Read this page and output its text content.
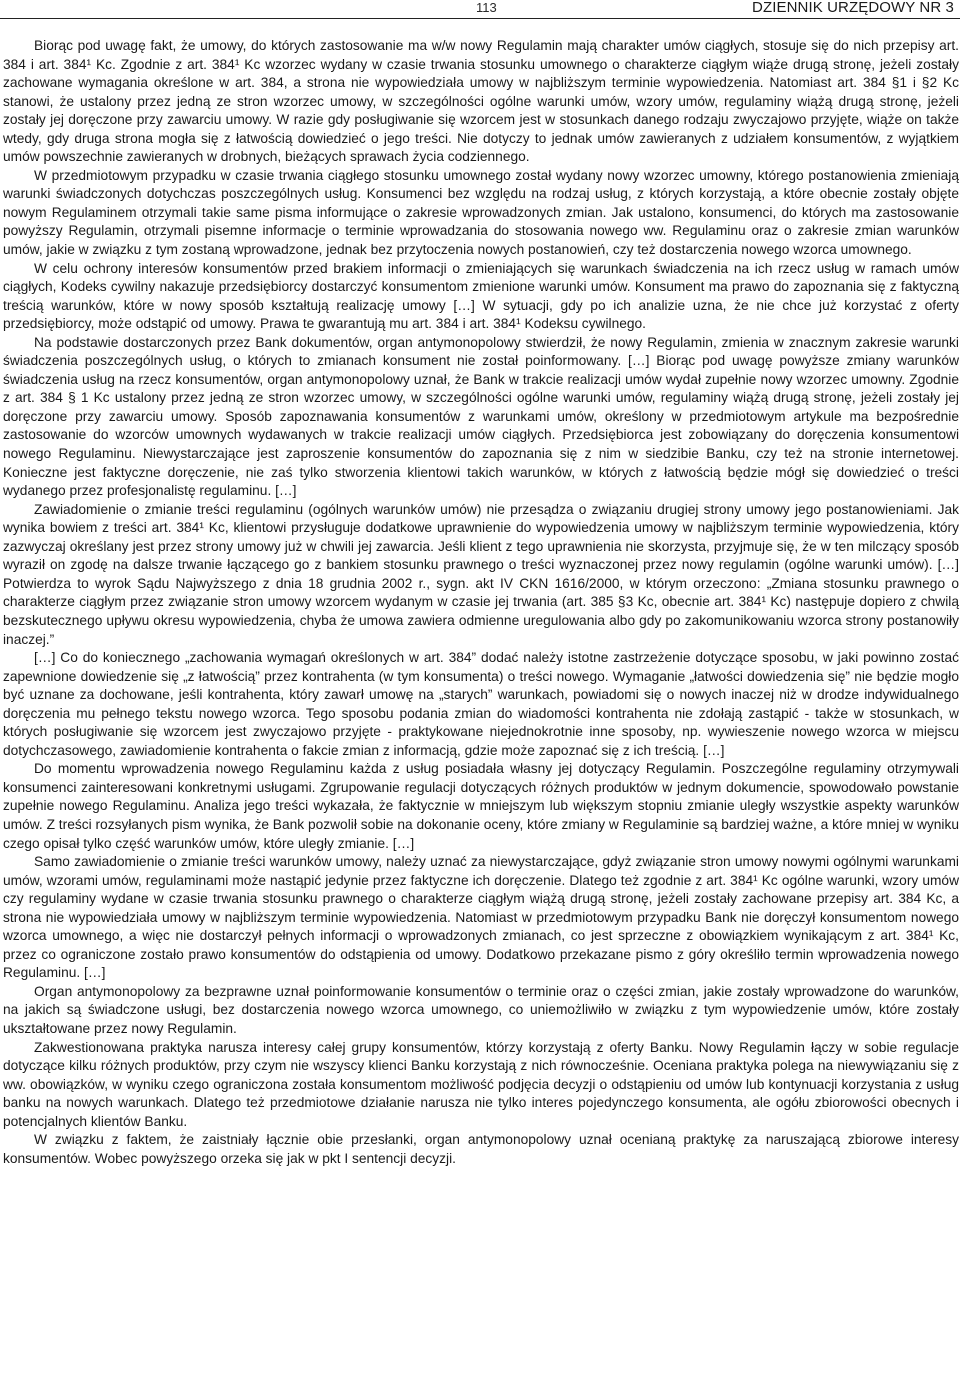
113	DZIENNIK URZĘDOWY NR 3

Biorąc pod uwagę fakt, że umowy, do których zastosowanie ma w/w nowy Regulamin mają charakter umów ciągłych, stosuje się do nich przepisy art. 384 i art. 384¹ Kc. Zgodnie z art. 384¹ Kc wzorzec wydany w czasie trwania stosunku umownego o charakterze ciągłym wiąże drugą stronę, jeżeli zostały zachowane wymagania określone w art. 384, a strona nie wypowiedziała umowy w najbliższym terminie wypowiedzenia. Natomiast art. 384 §1 i §2 Kc stanowi, że ustalony przez jedną ze stron wzorzec umowy, w szczególności ogólne warunki umów, wzory umów, regulaminy wiążą drugą stronę, jeżeli zostały jej doręczone przy zawarciu umowy. W razie gdy posługiwanie się wzorcem jest w stosunkach danego rodzaju zwyczajowo przyjęte, wiąże on także wtedy, gdy druga strona mogła się z łatwością dowiedzieć o jego treści. Nie dotyczy to jednak umów zawieranych z udziałem konsumentów, z wyjątkiem umów powszechnie zawieranych w drobnych, bieżących sprawach życia codziennego.

W przedmiotowym przypadku w czasie trwania ciągłego stosunku umownego został wydany nowy wzorzec umowny, którego postanowienia zmieniają warunki świadczonych dotychczas poszczególnych usług. Konsumenci bez względu na rodzaj usług, z których korzystają, a które obecnie zostały objęte nowym Regulaminem otrzymali takie same pisma informujące o zakresie wprowadzonych zmian. Jak ustalono, konsumenci, do których ma zastosowanie powyższy Regulamin, otrzymali pisemne informacje o terminie wprowadzania do stosowania nowego ww. Regulaminu oraz o zakresie zmian warunków umów, jakie w związku z tym zostaną wprowadzone, jednak bez przytoczenia nowych postanowień, czy też dostarczenia nowego wzorca umownego.

W celu ochrony interesów konsumentów przed brakiem informacji o zmieniających się warunkach świadczenia na ich rzecz usług w ramach umów ciągłych, Kodeks cywilny nakazuje przedsiębiorcy dostarczyć konsumentom zmienione warunki umów. Konsument ma prawo do zapoznania się z faktyczną treścią warunków, które w nowy sposób kształtują realizację umowy […] W sytuacji, gdy po ich analizie uzna, że nie chce już korzystać z oferty przedsiębiorcy, może odstąpić od umowy. Prawa te gwarantują mu art. 384 i art. 384¹ Kodeksu cywilnego.

Na podstawie dostarczonych przez Bank dokumentów, organ antymonopolowy stwierdził, że nowy Regulamin, zmienia w znacznym zakresie warunki świadczenia poszczególnych usług, o których to zmianach konsument nie został poinformowany. […] Biorąc pod uwagę powyższe zmiany warunków świadczenia usług na rzecz konsumentów, organ antymonopolowy uznał, że Bank w trakcie realizacji umów wydał zupełnie nowy wzorzec umowny. Zgodnie z art. 384 § 1 Kc ustalony przez jedną ze stron wzorzec umowy, w szczególności ogólne warunki umów, regulaminy wiążą drugą stronę, jeżeli zostały jej doręczone przy zawarciu umowy. Sposób zapoznawania konsumentów z warunkami umów, określony w przedmiotowym artykule ma bezpośrednie zastosowanie do wzorców umownych wydawanych w trakcie realizacji umów ciągłych. Przedsiębiorca jest zobowiązany do doręczenia konsumentowi nowego Regulaminu. Niewystarczające jest zaproszenie konsumentów do zapoznania się z nim w siedzibie Banku, czy też na stronie internetowej. Konieczne jest faktyczne doręczenie, nie zaś tylko stworzenia klientowi takich warunków, w których z łatwością będzie mógł się dowiedzieć o treści wydanego przez profesjonalistę regulaminu. […]

Zawiadomienie o zmianie treści regulaminu (ogólnych warunków umów) nie przesądza o związaniu drugiej strony umowy jego postanowieniami. Jak wynika bowiem z treści art. 384¹ Kc, klientowi przysługuje dodatkowe uprawnienie do wypowiedzenia umowy w najbliższym terminie wypowiedzenia, który zazwyczaj określany jest przez strony umowy już w chwili jej zawarcia. Jeśli klient z tego uprawnienia nie skorzysta, przyjmuje się, że w ten milczący sposób wyraził on zgodę na dalsze trwanie łączącego go z bankiem stosunku prawnego o treści wyznaczonej przez nowy regulamin (ogólne warunki umów). […] Potwierdza to wyrok Sądu Najwyższego z dnia 18 grudnia 2002 r., sygn. akt IV CKN 1616/2000, w którym orzeczono: „Zmiana stosunku prawnego o charakterze ciągłym przez związanie stron umowy wzorcem wydanym w czasie jej trwania (art. 385 §3 Kc, obecnie art. 384¹ Kc) następuje dopiero z chwilą bezskutecznego upływu okresu wypowiedzenia, chyba że umowa zawiera odmienne uregulowania albo gdy po zakomunikowaniu wzorca strony postanowiły inaczej.”

[…] Co do koniecznego „zachowania wymagań określonych w art. 384” dodać należy istotne zastrzeżenie dotyczące sposobu, w jaki powinno zostać zapewnione dowiedzenie się „z łatwością” przez kontrahenta (w tym konsumenta) o treści nowego. Wymaganie „łatwości dowiedzenia się” nie będzie mogło być uznane za dochowane, jeśli kontrahenta, który zawarł umowę na „starych” warunkach, powiadomi się o nowych inaczej niż w drodze indywidualnego doręczenia mu pełnego tekstu nowego wzorca. Tego sposobu podania zmian do wiadomości kontrahenta nie zdołają zastąpić - także w stosunkach, w których posługiwanie się wzorcem jest zwyczajowo przyjęte - praktykowane niejednokrotnie inne sposoby, np. wywieszenie nowego wzorca w miejscu dotychczasowego, zawiadomienie kontrahenta o fakcie zmian z informacją, gdzie może zapoznać się z ich treścią. […]

Do momentu wprowadzenia nowego Regulaminu każda z usług posiadała własny jej dotyczący Regulamin. Poszczególne regulaminy otrzymywali konsumenci zainteresowani konkretnymi usługami. Zgrupowanie regulacji dotyczących różnych produktów w jednym dokumencie, spowodowało powstanie zupełnie nowego Regulaminu. Analiza jego treści wykazała, że faktycznie w mniejszym lub większym stopniu zmianie uległy wszystkie aspekty warunków umów. Z treści rozsyłanych pism wynika, że Bank pozwolił sobie na dokonanie oceny, które zmiany w Regulaminie są bardziej ważne, a które mniej w wyniku czego opisał tylko część warunków umów, które uległy zmianie. […]

Samo zawiadomienie o zmianie treści warunków umowy, należy uznać za niewystarczające, gdyż związanie stron umowy nowymi ogólnymi warunkami umów, wzorami umów, regulaminami może nastąpić jedynie przez faktyczne ich doręczenie. Dlatego też zgodnie z art. 384¹ Kc ogólne warunki, wzory umów czy regulaminy wydane w czasie trwania stosunku prawnego o charakterze ciągłym wiążą drugą stronę, jeżeli zostały zachowane przepisy art. 384 Kc, a strona nie wypowiedziała umowy w najbliższym terminie wypowiedzenia. Natomiast w przedmiotowym przypadku Bank nie doręczył konsumentom nowego wzorca umownego, a więc nie dostarczył pełnych informacji o wprowadzonych zmianach, co jest sprzeczne z obowiązkiem wynikającym z art. 384¹ Kc, przez co ograniczone zostało prawo konsumentów do odstąpienia od umowy. Dodatkowo przekazane pismo z góry określiło termin wprowadzenia nowego Regulaminu. […]

Organ antymonopolowy za bezprawne uznał poinformowanie konsumentów o terminie oraz o części zmian, jakie zostały wprowadzone do warunków, na jakich są świadczone usługi, bez dostarczenia nowego wzorca umownego, co uniemożliwiło w związku z tym wypowiedzenie umów, które zostały ukształtowane przez nowy Regulamin.

Zakwestionowana praktyka narusza interesy całej grupy konsumentów, którzy korzystają z oferty Banku. Nowy Regulamin łączy w sobie regulacje dotyczące kilku różnych produktów, przy czym nie wszyscy klienci Banku korzystają z nich równocześnie. Oceniana praktyka polega na niewywiązaniu się z ww. obowiązków, w wyniku czego ograniczona została konsumentom możliwość podjęcia decyzji o odstąpieniu od umów lub kontynuacji korzystania z usług banku na nowych warunkach. Dlatego też przedmiotowe działanie narusza nie tylko interes pojedynczego konsumenta, ale ogółu zbiorowości obecnych i potencjalnych klientów Banku.

W związku z faktem, że zaistniały łącznie obie przesłanki, organ antymonopolowy uznał ocenianą praktykę za naruszającą zbiorowe interesy konsumentów. Wobec powyższego orzeka się jak w pkt I sentencji decyzji.
